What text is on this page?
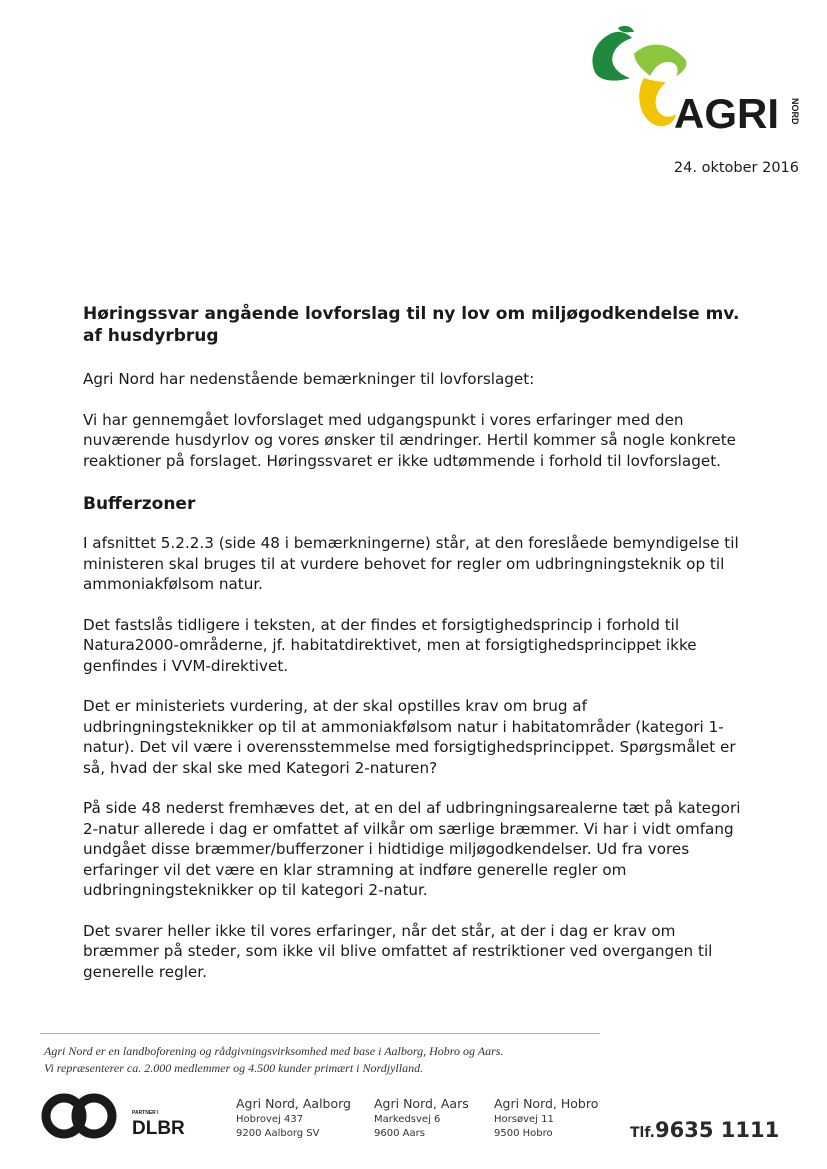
AGRI NORD
24. oktober 2016
Høringssvar angående lovforslag til ny lov om miljøgodkendelse mv. af husdyrbrug

Agri Nord har nedenstående bemærkninger til lovforslaget:

Vi har gennemgået lovforslaget med udgangspunkt i vores erfaringer med den nuværende husdyrlov og vores ønsker til ændringer. Hertil kommer så nogle konkrete reaktioner på forslaget. Høringssvaret er ikke udtømmende i forhold til lovforslaget.

Bufferzoner

I afsnittet 5.2.2.3 (side 48 i bemærkningerne) står, at den foreslåede bemyndigelse til ministeren skal bruges til at vurdere behovet for regler om udbringningsteknik op til ammoniakfølsom natur.

Det fastslås tidligere i teksten, at der findes et forsigtighedsprincip i forhold til Natura2000-områderne, jf. habitatdirektivet, men at forsigtighedsprincippet ikke genfindes i VVM-direktivet.

Det er ministeriets vurdering, at der skal opstilles krav om brug af udbringningsteknikker op til at ammoniakfølsom natur i habitatområder (kategori 1-natur). Det vil være i overensstemmelse med forsigtighedsprincippet. Spørgsmålet er så, hvad der skal ske med Kategori 2-naturen?

På side 48 nederst fremhæves det, at en del af udbringningsarealerne tæt på kategori 2-natur allerede i dag er omfattet af vilkår om særlige bræmmer. Vi har i vidt omfang undgået disse bræmmer/bufferzoner i hidtidige miljøgodkendelser. Ud fra vores erfaringer vil det være en klar stramning at indføre generelle regler om udbringningsteknikker op til kategori 2-natur.

Det svarer heller ikke til vores erfaringer, når det står, at der i dag er krav om bræmmer på steder, som ikke vil blive omfattet af restriktioner ved overgangen til generelle regler.

Agri Nord er en landboforening og rådgivningsvirksomhed med base i Aalborg, Hobro og Aars.
Vi repræsenterer ca. 2.000 medlemmer og 4.500 kunder primært i Nordjylland.
PARTNER I
DLBR
Agri Nord, Aalborg
Hobrovej 437
9200 Aalborg SV
Agri Nord, Aars
Markedsvej 6
9600 Aars
Agri Nord, Hobro
Horsøvej 11
9500 Hobro	Tlf.9635 1111
